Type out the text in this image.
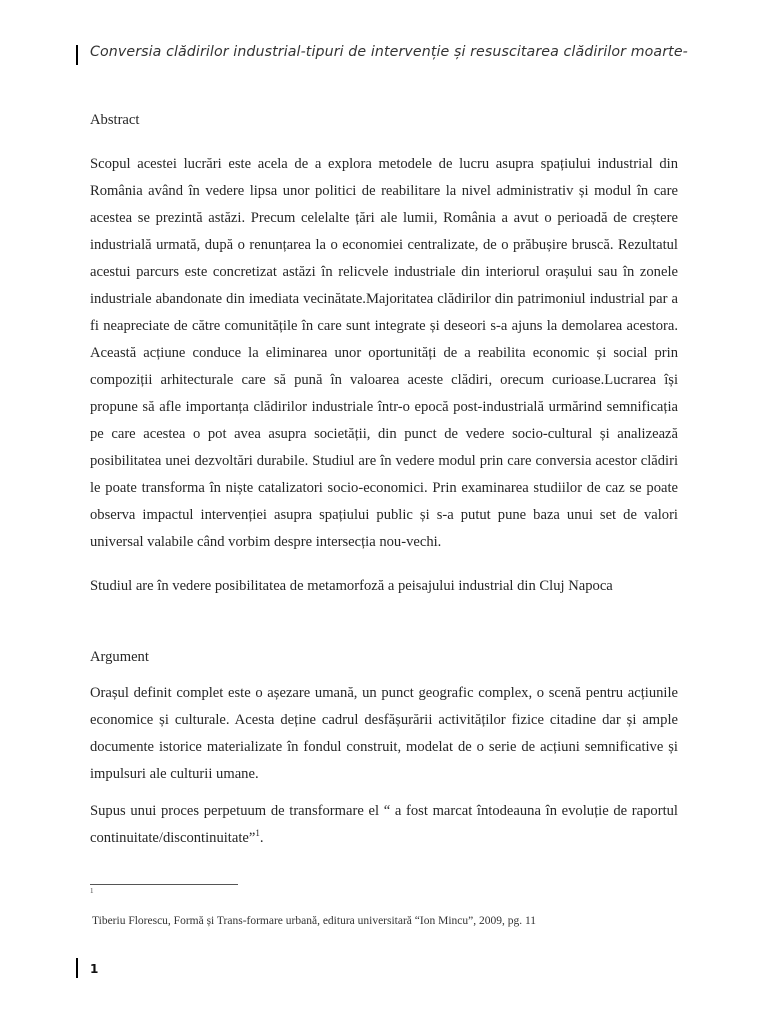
Conversia clădirilor industrial-tipuri de intervenție și resuscitarea clădirilor moarte-
Abstract
Scopul acestei lucrări este acela de a explora metodele de lucru asupra spațiului industrial din România având în vedere lipsa unor politici de reabilitare la nivel administrativ și modul în care acestea se prezintă astăzi. Precum celelalte țări ale lumii, România a avut o perioadă de creștere industrială urmată, după o renunțarea la o economiei centralizate, de o prăbușire bruscă. Rezultatul acestui parcurs este concretizat astăzi în relicvele industriale din interiorul orașului sau în zonele industriale abandonate din imediata vecinătate.Majoritatea clădirilor din patrimoniul industrial par a fi neapreciate de către comunitățile în care sunt integrate și deseori s-a ajuns la demolarea acestora. Această acțiune conduce la eliminarea unor oportunități de a reabilita economic și social prin compoziții arhitecturale care să pună în valoarea aceste clădiri, orecum curioase.Lucrarea își propune să afle importanța clădirilor industriale într-o epocă post-industrială urmărind semnificația pe care acestea o pot avea asupra societății, din punct de vedere socio-cultural și analizează posibilitatea unei dezvoltări durabile. Studiul are în vedere modul prin care conversia acestor clădiri le poate transforma în niște catalizatori socio-economici. Prin examinarea studiilor de caz se poate observa impactul intervenției asupra spațiului public și s-a putut pune baza unui set de valori universal valabile când vorbim despre intersecția nou-vechi.
Studiul are în vedere posibilitatea de metamorfoză a peisajului industrial din Cluj Napoca
Argument
Orașul definit complet este o așezare umană, un punct geografic complex, o scenă pentru acțiunile economice și culturale. Acesta deține cadrul desfășurării activităților fizice citadine dar și ample documente istorice materializate în fondul construit, modelat de o serie de acțiuni semnificative și impulsuri ale culturii umane.
Supus unui proces perpetuum de transformare el “ a fost marcat întodeauna în evoluție de raportul continuitate/discontinuitate”$^1$.
1
Tiberiu Florescu, Formă și Trans-formare urbană, editura universitară “Ion Mincu”, 2009, pg. 11
1
